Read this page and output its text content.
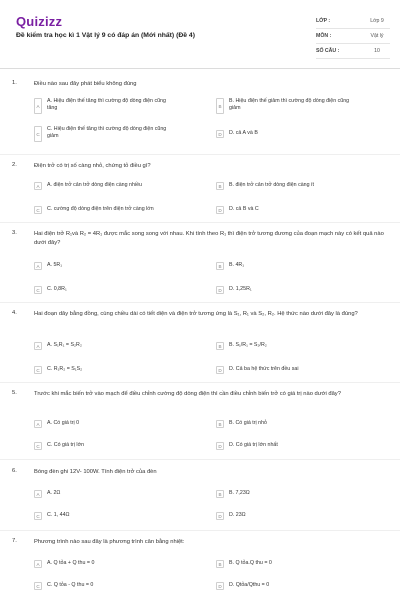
Quizizz
Đề kiểm tra học kì 1 Vật lý 9 có đáp án (Mới nhất) (Đề 4)
LỚP :	Lớp 9
MÔN :	Vật lý
SỐ CÂU :	10
1.	Điều nào sau đây phát biểu không đúng
A
A. Hiệu điện thế tăng thì cường độ dòng điện cũng tăng	B
B. Hiệu điện thế giảm thì cường độ dòng điện cũng giảm
C
C. Hiệu điện thế tăng thì cường độ dòng điện cũng giảm	D	D. cả A và B
2.	Điện trở có trị số càng nhỏ, chứng tỏ điều gì?
A	A. điện trở cản trở dòng điện càng nhiều	B	B. điện trở cản trở dòng điện càng ít
C	C. cường độ dòng điện trên điện trở càng lớn	D	D. cả B và C
3.	Hai điện trở R₁và R₂ = 4R₁ được mắc song song với nhau. Khi tính theo R₁ thì điện trở tương đương của đoạn mạch này có kết quả nào dưới đây?
A	A. 5R₁	B	B. 4R₁
C	C. 0,8R₁	D	D. 1,25R₁
4.	Hai đoạn dây bằng đồng, cùng chiều dài có tiết diện và điện trở tương ứng là S₁, R₁ và S₂, R₂. Hệ thức nào dưới đây là đúng?
A	A. S₁R₁ = S₂R₂	B	B. S₁/R₁ = S₂/R₂
C	C. R₁R₂ = S₁S₂	D	D. Cả ba hệ thức trên đều sai
5.	Trước khi mắc biến trở vào mạch để điều chỉnh cường độ dòng điện thì cần điều chỉnh biến trở có giá trị nào dưới đây?
A	A. Có giá trị 0	B	B. Có giá trị nhỏ
C	C. Có giá trị lớn	D	D. Có giá trị lớn nhất
6.	Bóng đèn ghi 12V- 100W. Tính điện trở của đèn
A	A. 2Ω	B	B. 7,23Ω
C	C. 1, 44Ω	D	D. 23Ω
7.	Phương trình nào sau đây là phương trình cân bằng nhiệt:
A	A. Q tỏa + Q thu = 0	B	B. Q tỏa.Q thu = 0
C	C. Q tỏa - Q thu = 0	D	D. Qtỏa/Qthu = 0
